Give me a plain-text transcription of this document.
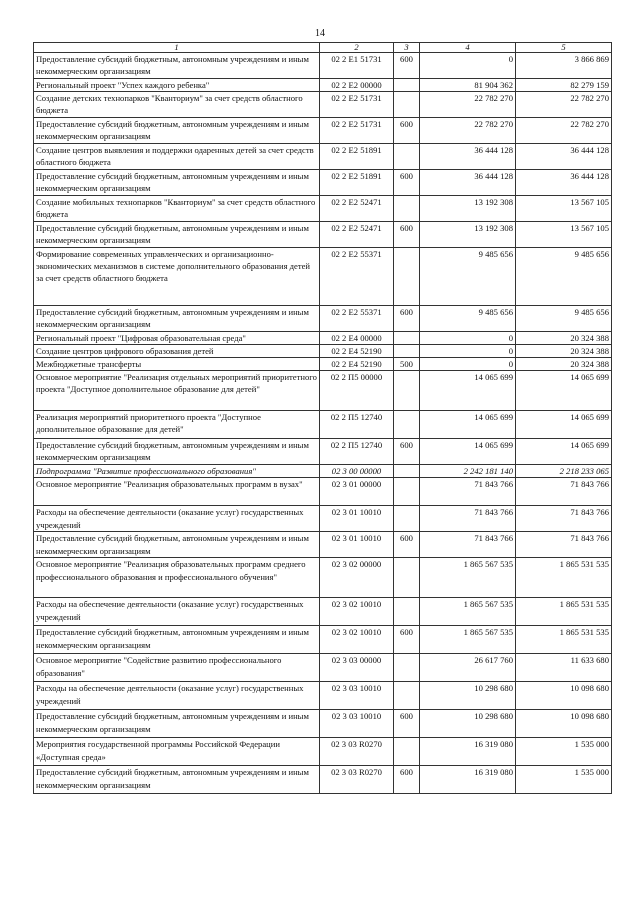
14
1	2	3	4	5
Предоставление субсидий бюджетным, автономным учреждениям и иным некоммерческим организациям	02 2 E1 51731	600	0	3 866 869
Региональный проект "Успех каждого ребенка"	02 2 E2 00000		81 904 362	82 279 159
Создание детских технопарков "Кванториум" за счет средств областного бюджета	02 2 E2 51731		22 782 270	22 782 270
Предоставление субсидий бюджетным, автономным учреждениям и иным некоммерческим организациям	02 2 E2 51731	600	22 782 270	22 782 270
Создание центров выявления и поддержки одаренных детей за счет средств областного бюджета	02 2 E2 51891		36 444 128	36 444 128
Предоставление субсидий бюджетным, автономным учреждениям и иным некоммерческим организациям	02 2 E2 51891	600	36 444 128	36 444 128
Создание мобильных технопарков "Кванториум" за счет средств областного бюджета	02 2 E2 52471		13 192 308	13 567 105
Предоставление субсидий бюджетным, автономным учреждениям и иным некоммерческим организациям	02 2 E2 52471	600	13 192 308	13 567 105
Формирование современных управленческих и организационно-экономических механизмов в системе дополнительного образования детей за счет средств областного бюджета	02 2 E2 55371		9 485 656	9 485 656
Предоставление субсидий бюджетным, автономным учреждениям и иным некоммерческим организациям	02 2 E2 55371	600	9 485 656	9 485 656
Региональный проект "Цифровая образовательная среда"	02 2 E4 00000		0	20 324 388
Создание центров цифрового образования детей	02 2 E4 52190		0	20 324 388
Межбюджетные трансферты	02 2 E4 52190	500	0	20 324 388
Основное мероприятие "Реализация отдельных мероприятий приоритетного проекта "Доступное дополнительное образование для детей"	02 2 П5 00000		14 065 699	14 065 699
Реализация мероприятий приоритетного проекта "Доступное дополнительное образование для детей"	02 2 П5 12740		14 065 699	14 065 699
Предоставление субсидий бюджетным, автономным учреждениям и иным некоммерческим организациям	02 2 П5 12740	600	14 065 699	14 065 699
Подпрограмма "Развитие профессионального образования"	02 3 00 00000		2 242 181 140	2 218 233 065
Основное мероприятие "Реализация образовательных программ в вузах"	02 3 01 00000		71 843 766	71 843 766
Расходы на обеспечение деятельности (оказание услуг) государственных учреждений	02 3 01 10010		71 843 766	71 843 766
Предоставление субсидий бюджетным, автономным учреждениям и иным некоммерческим организациям	02 3 01 10010	600	71 843 766	71 843 766
Основное мероприятие "Реализация образовательных программ среднего профессионального образования и профессионального обучения"	02 3 02 00000		1 865 567 535	1 865 531 535
Расходы на обеспечение деятельности (оказание услуг) государственных учреждений	02 3 02 10010		1 865 567 535	1 865 531 535
Предоставление субсидий бюджетным, автономным учреждениям и иным некоммерческим организациям	02 3 02 10010	600	1 865 567 535	1 865 531 535
Основное мероприятие "Содействие развитию профессионального образования"	02 3 03 00000		26 617 760	11 633 680
Расходы на обеспечение деятельности (оказание услуг) государственных учреждений	02 3 03 10010		10 298 680	10 098 680
Предоставление субсидий бюджетным, автономным учреждениям и иным некоммерческим организациям	02 3 03 10010	600	10 298 680	10 098 680
Мероприятия государственной программы Российской Федерации «Доступная среда»	02 3 03 R0270		16 319 080	1 535 000
Предоставление субсидий бюджетным, автономным учреждениям и иным некоммерческим организациям	02 3 03 R0270	600	16 319 080	1 535 000
